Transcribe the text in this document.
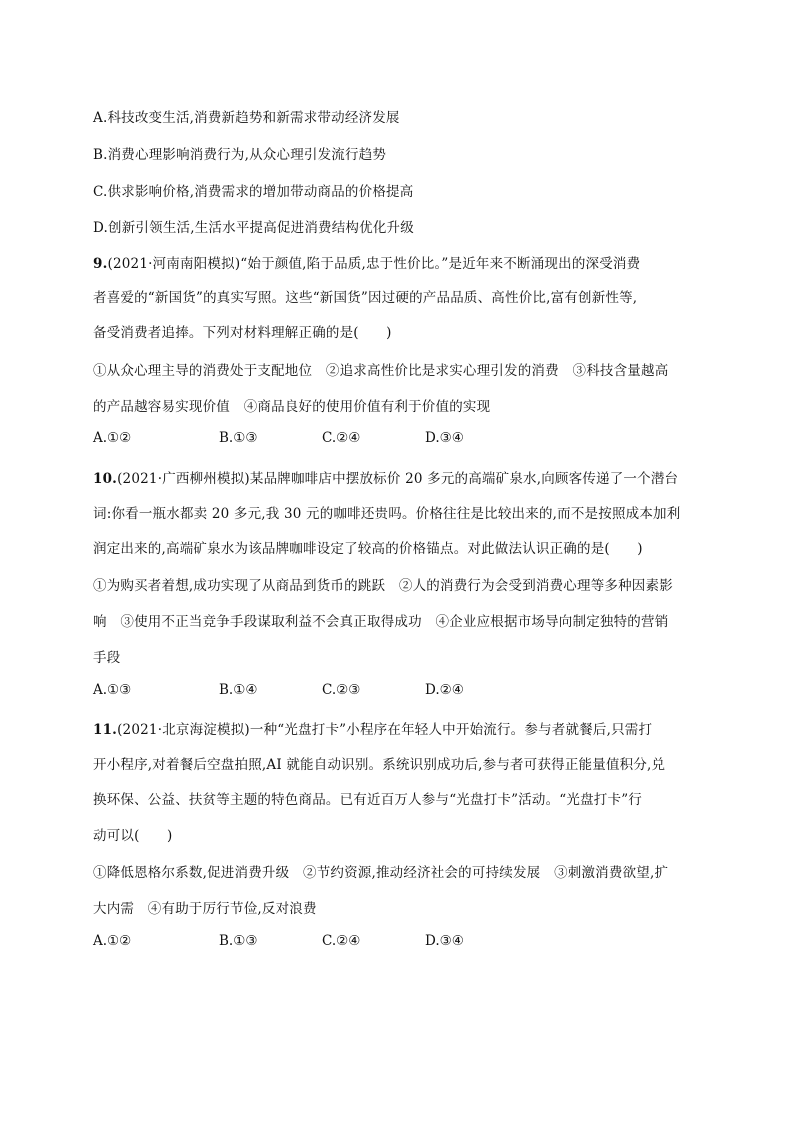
A.科技改变生活,消费新趋势和新需求带动经济发展
B.消费心理影响消费行为,从众心理引发流行趋势
C.供求影响价格,消费需求的增加带动商品的价格提高
D.创新引领生活,生活水平提高促进消费结构优化升级
9.(2021·河南南阳模拟)“始于颜值,陷于品质,忠于性价比。”是近年来不断涌现出的深受消费
者喜爱的“新国货”的真实写照。这些“新国货”因过硬的产品品质、高性价比,富有创新性等,
备受消费者追捧。下列对材料理解正确的是(　　)
①从众心理主导的消费处于支配地位　②追求高性价比是求实心理引发的消费　③科技含量越高
的产品越容易实现价值　④商品良好的使用价值有利于价值的实现
A.①②	B.①③	C.②④	D.③④
10.(2021·广西柳州模拟)某品牌咖啡店中摆放标价 20 多元的高端矿泉水,向顾客传递了一个潜台
词:你看一瓶水都卖 20 多元,我 30 元的咖啡还贵吗。价格往往是比较出来的,而不是按照成本加利
润定出来的,高端矿泉水为该品牌咖啡设定了较高的价格锚点。对此做法认识正确的是(　　)
①为购买者着想,成功实现了从商品到货币的跳跃　②人的消费行为会受到消费心理等多种因素影
响　③使用不正当竞争手段谋取利益不会真正取得成功　④企业应根据市场导向制定独特的营销
手段
A.①③	B.①④	C.②③	D.②④
11.(2021·北京海淀模拟)一种“光盘打卡”小程序在年轻人中开始流行。参与者就餐后,只需打
开小程序,对着餐后空盘拍照,AI 就能自动识别。系统识别成功后,参与者可获得正能量值积分,兑
换环保、公益、扶贫等主题的特色商品。已有近百万人参与“光盘打卡”活动。“光盘打卡”行
动可以(　　)
①降低恩格尔系数,促进消费升级　②节约资源,推动经济社会的可持续发展　③刺激消费欲望,扩
大内需　④有助于厉行节俭,反对浪费
A.①②	B.①③	C.②④	D.③④
